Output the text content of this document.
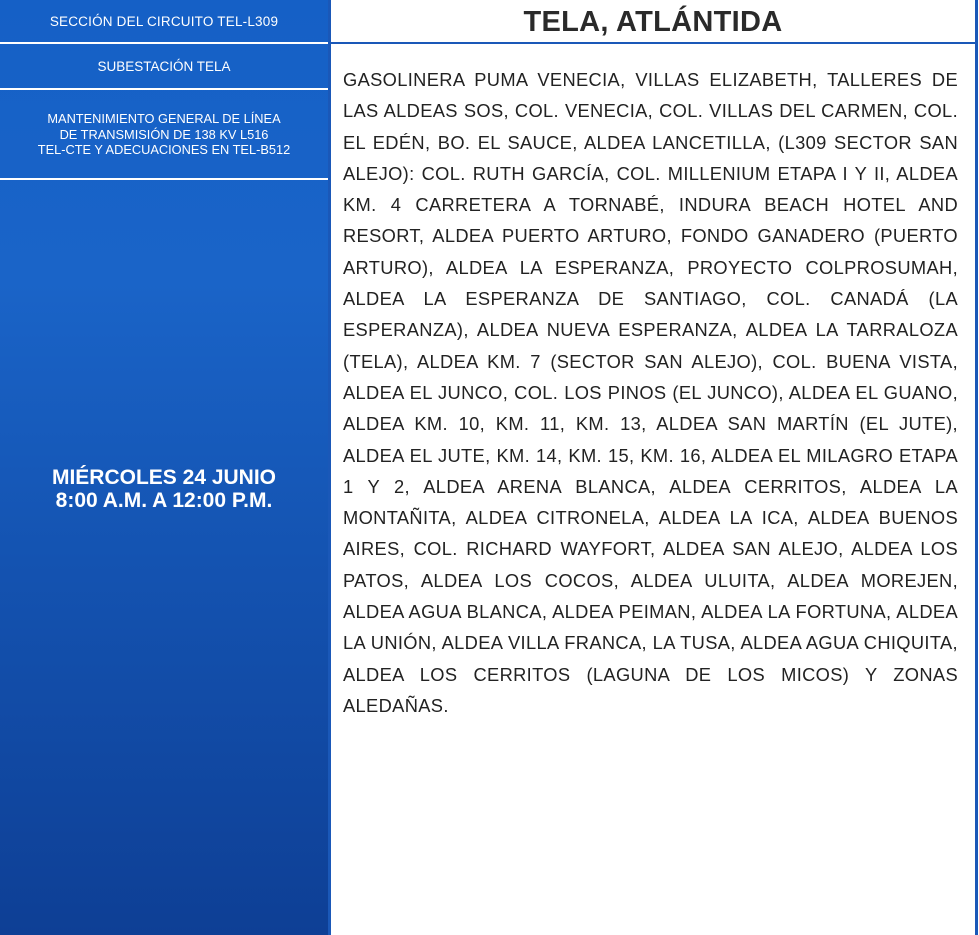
SECCIÓN DEL CIRCUITO TEL-L309
SUBESTACIÓN TELA
MANTENIMIENTO GENERAL DE LÍNEA
DE TRANSMISIÓN DE 138 KV L516
TEL-CTE Y ADECUACIONES EN TEL-B512
MIÉRCOLES 24 JUNIO
8:00 A.M. A 12:00 P.M.
TELA, ATLÁNTIDA
GASOLINERA PUMA VENECIA, VILLAS ELIZABETH, TALLERES DE LAS ALDEAS SOS, COL. VENECIA, COL. VILLAS DEL CARMEN, COL. EL EDÉN, BO. EL SAUCE, ALDEA LANCETILLA, (L309 SECTOR SAN ALEJO): COL. RUTH GARCÍA, COL. MILLENIUM ETAPA I Y II, ALDEA KM. 4 CARRETERA A TORNABÉ, INDURA BEACH HOTEL AND RESORT, ALDEA PUERTO ARTURO, FONDO GANADERO (PUERTO ARTURO), ALDEA LA ESPERANZA, PROYECTO COLPROSUMAH, ALDEA LA ESPERANZA DE SANTIAGO, COL. CANADÁ (LA ESPERANZA), ALDEA NUEVA ESPERANZA, ALDEA LA TARRALOZA (TELA), ALDEA KM. 7 (SECTOR SAN ALEJO), COL. BUENA VISTA, ALDEA EL JUNCO, COL. LOS PINOS (EL JUNCO), ALDEA EL GUANO, ALDEA KM. 10, KM. 11, KM. 13, ALDEA SAN MARTÍN (EL JUTE), ALDEA EL JUTE, KM. 14, KM. 15, KM. 16, ALDEA EL MILAGRO ETAPA 1 Y 2, ALDEA ARENA BLANCA, ALDEA CERRITOS, ALDEA LA MONTAÑITA, ALDEA CITRONELA, ALDEA LA ICA, ALDEA BUENOS AIRES, COL. RICHARD WAYFORT, ALDEA SAN ALEJO, ALDEA LOS PATOS, ALDEA LOS COCOS, ALDEA ULUITA, ALDEA MOREJEN, ALDEA AGUA BLANCA, ALDEA PEIMAN, ALDEA LA FORTUNA, ALDEA LA UNIÓN, ALDEA VILLA FRANCA, LA TUSA, ALDEA AGUA CHIQUITA, ALDEA LOS CERRITOS (LAGUNA DE LOS MICOS) Y ZONAS ALEDAÑAS.
